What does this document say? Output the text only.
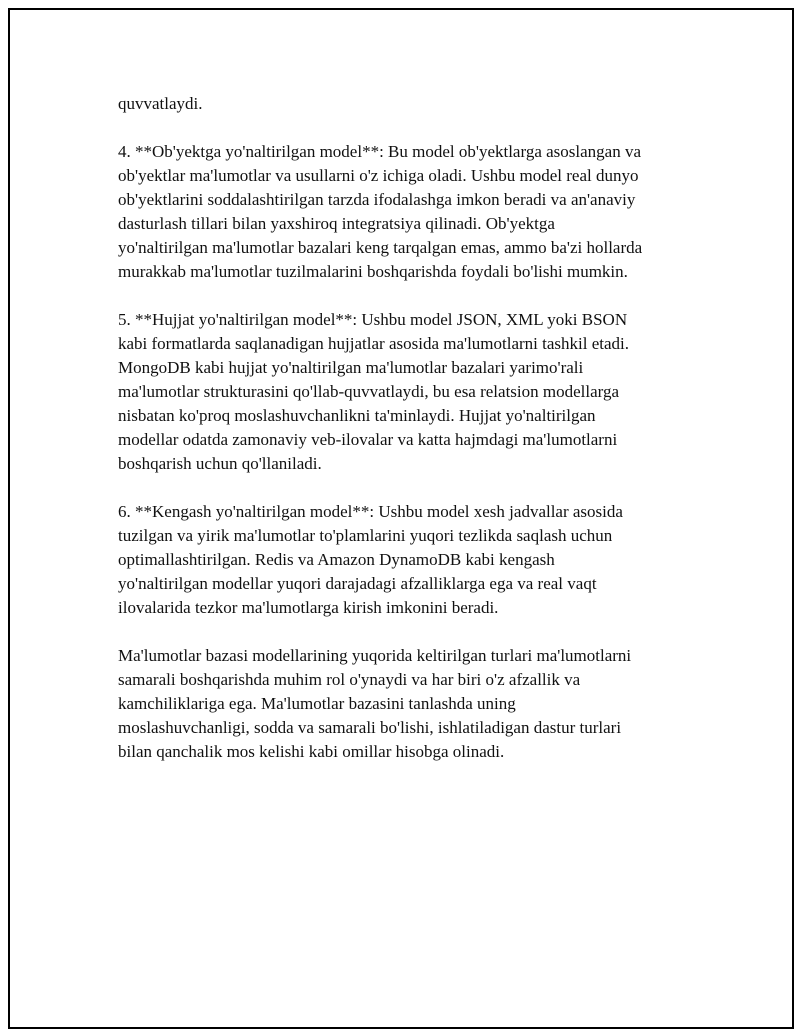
quvvatlaydi.

4. **Ob'yektga yo'naltirilgan model**: Bu model ob'yektlarga asoslangan va
ob'yektlar ma'lumotlar va usullarni o'z ichiga oladi. Ushbu model real dunyo
ob'yektlarini soddalashtirilgan tarzda ifodalashga imkon beradi va an'anaviy
dasturlash tillari bilan yaxshiroq integratsiya qilinadi. Ob'yektga
yo'naltirilgan ma'lumotlar bazalari keng tarqalgan emas, ammo ba'zi hollarda
murakkab ma'lumotlar tuzilmalarini boshqarishda foydali bo'lishi mumkin.

5. **Hujjat yo'naltirilgan model**: Ushbu model JSON, XML yoki BSON
kabi formatlarda saqlanadigan hujjatlar asosida ma'lumotlarni tashkil etadi.
MongoDB kabi hujjat yo'naltirilgan ma'lumotlar bazalari yarimo'rali
ma'lumotlar strukturasini qo'llab-quvvatlaydi, bu esa relatsion modellarga
nisbatan ko'proq moslashuvchanlikni ta'minlaydi. Hujjat yo'naltirilgan
modellar odatda zamonaviy veb-ilovalar va katta hajmdagi ma'lumotlarni
boshqarish uchun qo'llaniladi.

6. **Kengash yo'naltirilgan model**: Ushbu model xesh jadvallar asosida
tuzilgan va yirik ma'lumotlar to'plamlarini yuqori tezlikda saqlash uchun
optimallashtirilgan. Redis va Amazon DynamoDB kabi kengash
yo'naltirilgan modellar yuqori darajadagi afzalliklarga ega va real vaqt
ilovalarida tezkor ma'lumotlarga kirish imkonini beradi.

Ma'lumotlar bazasi modellarining yuqorida keltirilgan turlari ma'lumotlarni
samarali boshqarishda muhim rol o'ynaydi va har biri o'z afzallik va
kamchiliklariga ega. Ma'lumotlar bazasini tanlashda uning
moslashuvchanligi, sodda va samarali bo'lishi, ishlatiladigan dastur turlari
bilan qanchalik mos kelishi kabi omillar hisobga olinadi.
